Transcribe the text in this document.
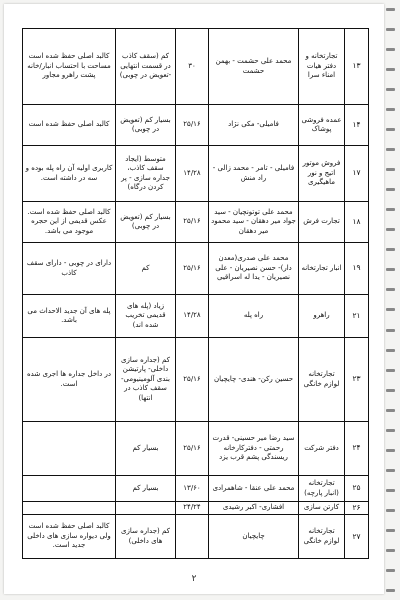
۱۳	تجارتخانه و دفتر هیات امناء سرا	محمد علی حشمت - بهمن حشمت	۳۰	کم (سقف کاذب در قسمت انتهایی -تعویض در چوبی)	کالبد اصلی حفظ شده است مساحت با احتساب انبار/خانه پشت راهرو مجاور
۱۴	عمده فروشی پوشاک	فامیلی- مکی نژاد	۲۵/۱۶	بسیار کم (تعویض در چوبی)	کالبد اصلی حفظ شده است
۱۷	فروش موتور اتیج و نور ماهیگیری	فامیلی - تامر - محمد زالی - راد منش	۱۴/۲۸	متوسط (ایجاد سقف کاذب، جداره سازی - پر کردن درگاه)	کاربری اولیه آن راه پله بوده و سه در داشته است.
۱۸	تجارت فرش	محمد علی توتونچیان - سید جواد میر دهقان - سید محمود میر دهقان	۲۵/۱۶	بسیار کم (تعویض در چوبی)	کالبد اصلی حفظ شده است. عکس قدیمی از این حجره موجود می باشد.
۱۹	انبار تجارتخانه	محمد علی صدری(معدن دار)- حسن نصیریان - علی نصیریان - یدا له اسراقیی	۲۵/۱۶	کم	دارای در چوبی - دارای سقف کاذب
۲۱	راهرو	راه پله	۱۴/۲۸	زیاد (پله های قدیمی تخریب شده اند)	پله های آن جدید الاحداث می باشد.
۲۳	تجارتخانه لوازم خانگی	حسین رکن- هندی- چایچیان	۲۵/۱۶	کم (جداره سازی داخلی- پارتیشن بندی آلومینیومی- سقف کاذب در انتها)	در داخل جداره ها اجری شده است.
۲۴	دفتر شرکت	سید رضا میر حسینی- قدرت رحمتی - دفترکارخانه ریسندگی پشم قرب یزد	۲۵/۱۶	بسیار کم	
۲۵	تجارتخانه (انبار پارچه)	محمد علی عنقا - شاهمرادی	۱۳/۶۰	بسیار کم	
۲۶	کارتن سازی	افشاری- اکبر رشیدی	۲۴/۲۴		
۲۷	تجارتخانه لوازم خانگی	چایچیان		کم (جداره سازی های داخلی)	کالبد اصلی حفظ شده است ولی دیواره سازی های داخلی جدید است.
۲
